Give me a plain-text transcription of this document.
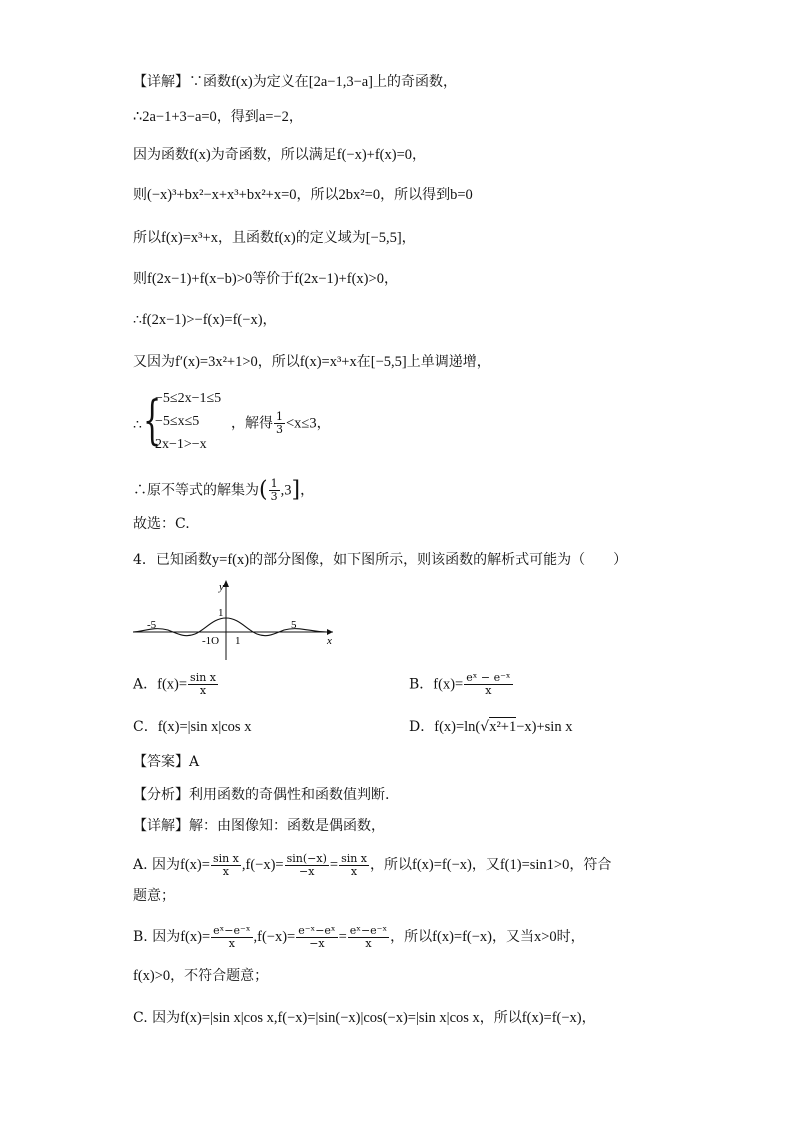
【详解】∵函数f(x)为定义在[2a−1,3−a]上的奇函数，
∴2a−1+3−a=0，得到a=−2，
因为函数f(x)为奇函数，所以满足f(−x)+f(x)=0，
则(−x)³+bx²−x+x³+bx²+x=0，所以2bx²=0，所以得到b=0
所以f(x)=x³+x，且函数f(x)的定义域为[−5,5]，
则f(2x−1)+f(x−b)>0等价于f(2x−1)+f(x)>0，
∴f(2x−1)>−f(x)=f(−x)，
又因为f′(x)=3x²+1>0，所以f(x)=x³+x在[−5,5]上单调递增，
∴ {
−5≤2x−1≤5
−5≤x≤5
2x−1>−x
，解得 $\frac{1}{3} <x\le 3$，
∴原不等式的解集为( $\frac{1}{3} ,3$]，
故选：C.
4．已知函数y=f(x)的部分图像，如下图所示，则该函数的解析式可能为（　　）
y
x
-5	5
1
-1O 1
A．$f(x)= \frac{\text{sin x}}{x}$	B．$f(x)= \frac{\text{eˣ − e⁻ˣ}}{x}$
C．f(x)=|sin x|cos x	D．f(x)=ln(√x²+1−x)+sin x
【答案】A
【分析】利用函数的奇偶性和函数值判断.
【详解】解：由图像知：函数是偶函数，
A. 因为$f(x)= \frac{\text{sin x}}{x} ,f(-x)= \frac{\sin(-x)}{-x} = \frac{\text{sin x}}{x}$ ，所以f(x)=f(−x)，又f(1)=sin1>0，符合
题意；
B. 因为$f(x)= \frac{\text{eˣ−e⁻ˣ}}{x} ,f(-x)= \frac{\text{e⁻ˣ−eˣ}}{-x} = \frac{\text{eˣ−e⁻ˣ}}{x}$ ，所以f(x)=f(−x)，又当x>0时，
f(x)>0，不符合题意；
C. 因为f(x)=|sin x|cos x,f(−x)=|sin(−x)|cos(−x)=|sin x|cos x，所以f(x)=f(−x)，
